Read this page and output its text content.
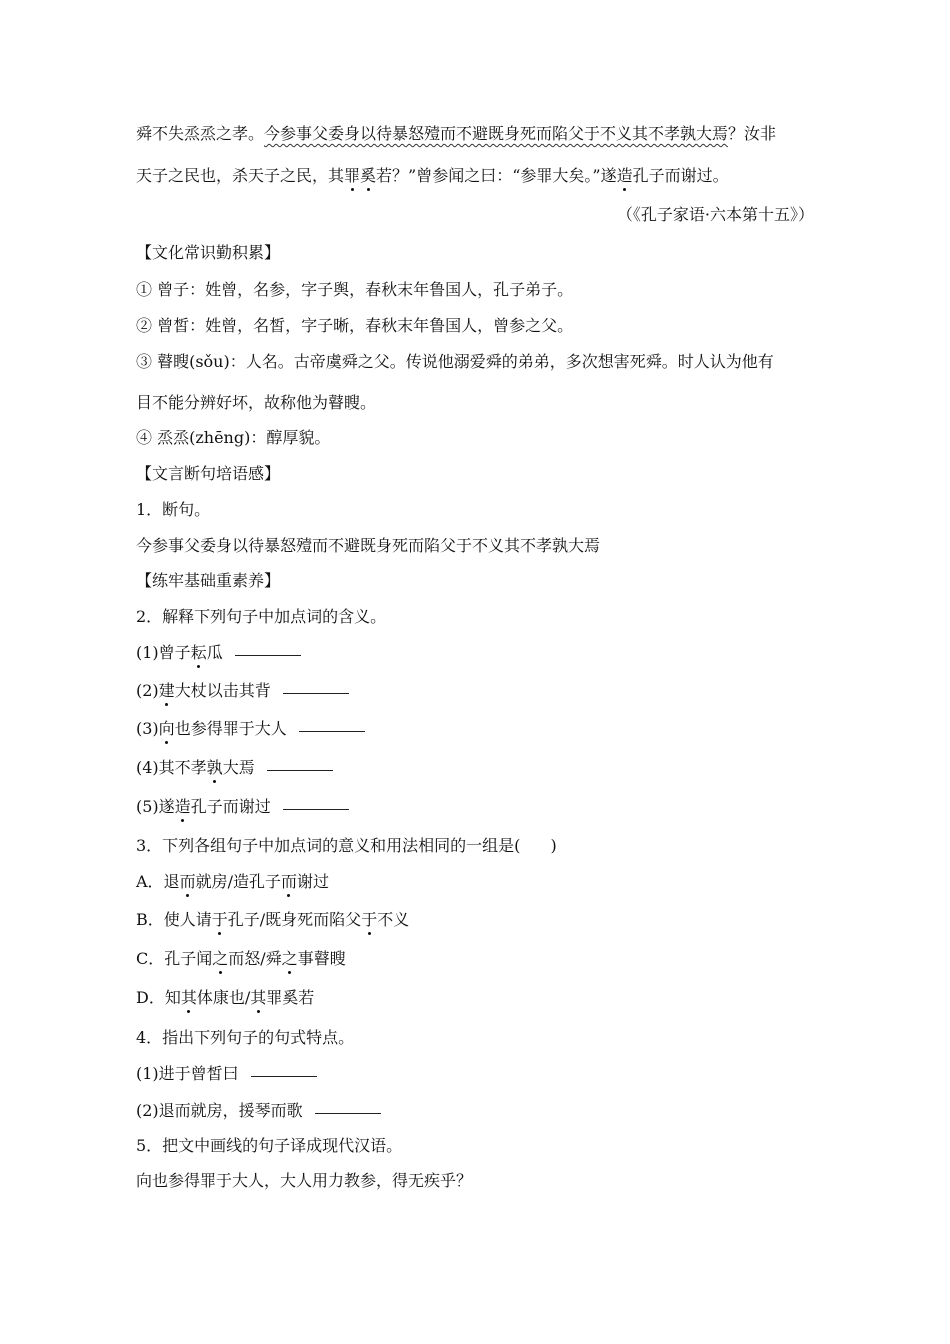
舜不失烝烝之孝。今参事父委身以待暴怒殪而不避既身死而陷父于不义其不孝孰大焉？汝非
天子之民也，杀天子之民，其罪奚若？”曾参闻之曰：“参罪大矣。”遂造孔子而谢过。
（《孔子家语·六本第十五》）
【文化常识勤积累】
① 曾子：姓曾，名参，字子舆，春秋末年鲁国人，孔子弟子。
② 曾皙：姓曾，名皙，字子晰，春秋末年鲁国人，曾参之父。
③ 瞽瞍(sǒu)：人名。古帝虞舜之父。传说他溺爱舜的弟弟，多次想害死舜。时人认为他有
目不能分辨好坏，故称他为瞽瞍。
④ 烝烝(zhēng)：醇厚貌。
【文言断句培语感】
1．断句。
今参事父委身以待暴怒殪而不避既身死而陷父于不义其不孝孰大焉
【练牢基础重素养】
2．解释下列句子中加点词的含义。
(1)曾子耘瓜
(2)建大杖以击其背
(3)向也参得罪于大人
(4)其不孝孰大焉
(5)遂造孔子而谢过
3．下列各组句子中加点词的意义和用法相同的一组是( )
A．退而就房/造孔子而谢过
B．使人请于孔子/既身死而陷父于不义
C．孔子闻之而怒/舜之事瞽瞍
D．知其体康也/其罪奚若
4．指出下列句子的句式特点。
(1)进于曾皙曰
(2)退而就房，援琴而歌
5．把文中画线的句子译成现代汉语。
向也参得罪于大人，大人用力教参，得无疾乎？
